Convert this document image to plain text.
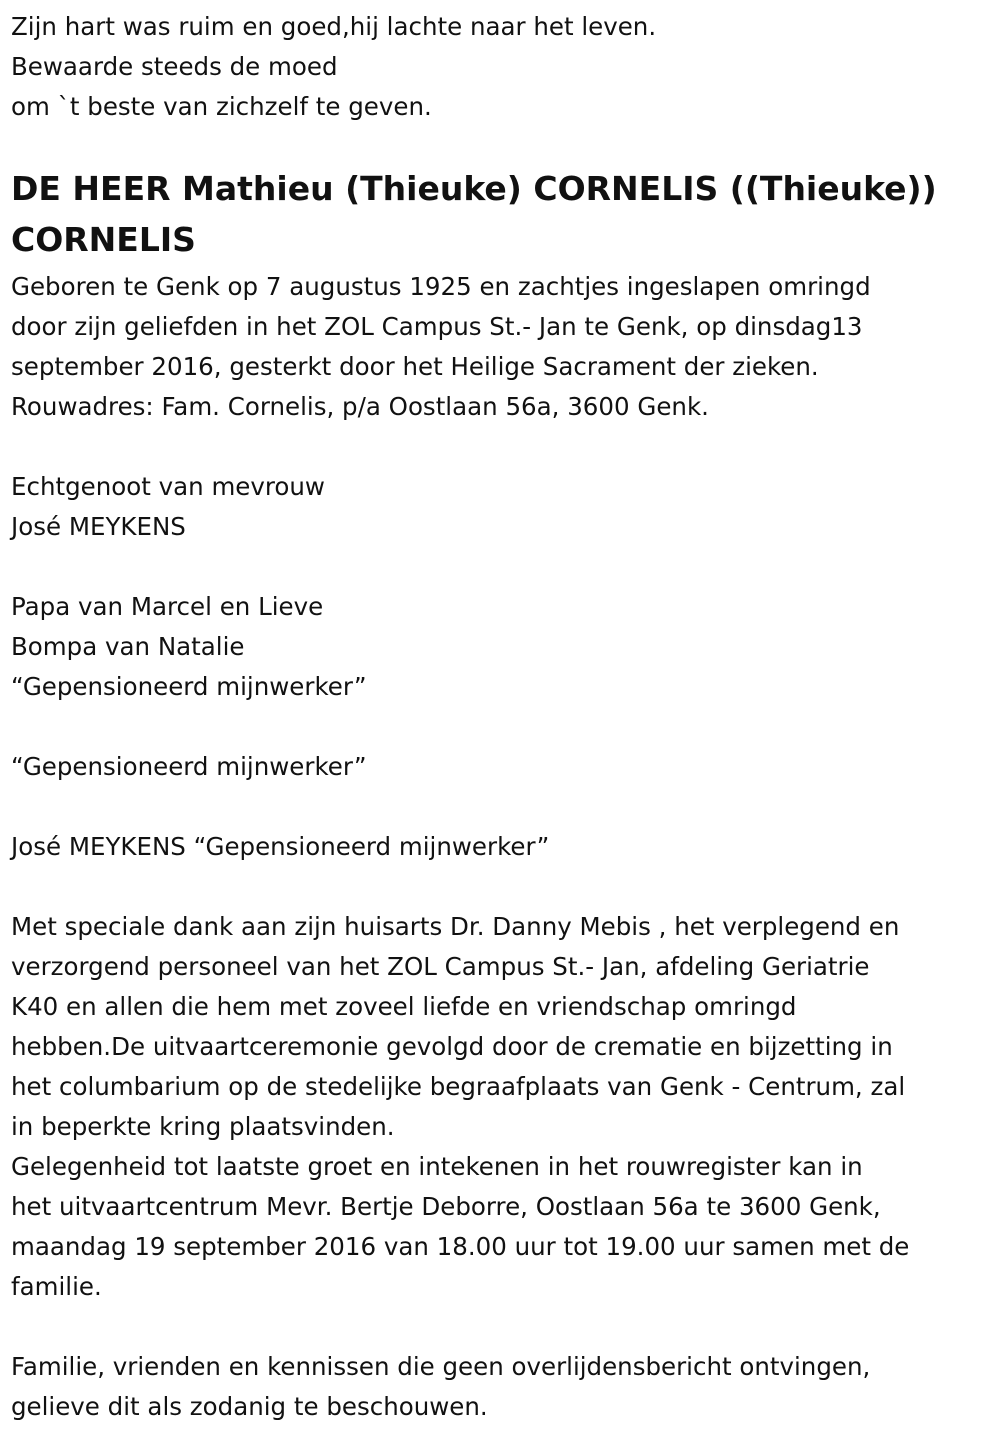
Zijn hart was ruim en goed,hij lachte naar het leven.
Bewaarde steeds de moed
om `t beste van zichzelf te geven.
DE HEER Mathieu (Thieuke) CORNELIS ((Thieuke))
CORNELIS
Geboren te Genk op 7 augustus 1925 en zachtjes ingeslapen omringd
door zijn geliefden in het ZOL Campus St.- Jan te Genk, op dinsdag13
september 2016, gesterkt door het Heilige Sacrament der zieken.
Rouwadres: Fam. Cornelis, p/a Oostlaan 56a, 3600 Genk.
Echtgenoot van mevrouw
José MEYKENS
Papa van Marcel en Lieve
Bompa van Natalie
“Gepensioneerd mijnwerker”
“Gepensioneerd mijnwerker”
José MEYKENS “Gepensioneerd mijnwerker”
Met speciale dank aan zijn huisarts Dr. Danny Mebis , het verplegend en
verzorgend personeel van het ZOL Campus St.- Jan, afdeling Geriatrie
K40 en allen die hem met zoveel liefde en vriendschap omringd
hebben.De uitvaartceremonie gevolgd door de crematie en bijzetting in
het columbarium op de stedelijke begraafplaats van Genk - Centrum, zal
in beperkte kring plaatsvinden.
Gelegenheid tot laatste groet en intekenen in het rouwregister kan in
het uitvaartcentrum Mevr. Bertje Deborre, Oostlaan 56a te 3600 Genk,
maandag 19 september 2016 van 18.00 uur tot 19.00 uur samen met de
familie.
Familie, vrienden en kennissen die geen overlijdensbericht ontvingen,
gelieve dit als zodanig te beschouwen.
